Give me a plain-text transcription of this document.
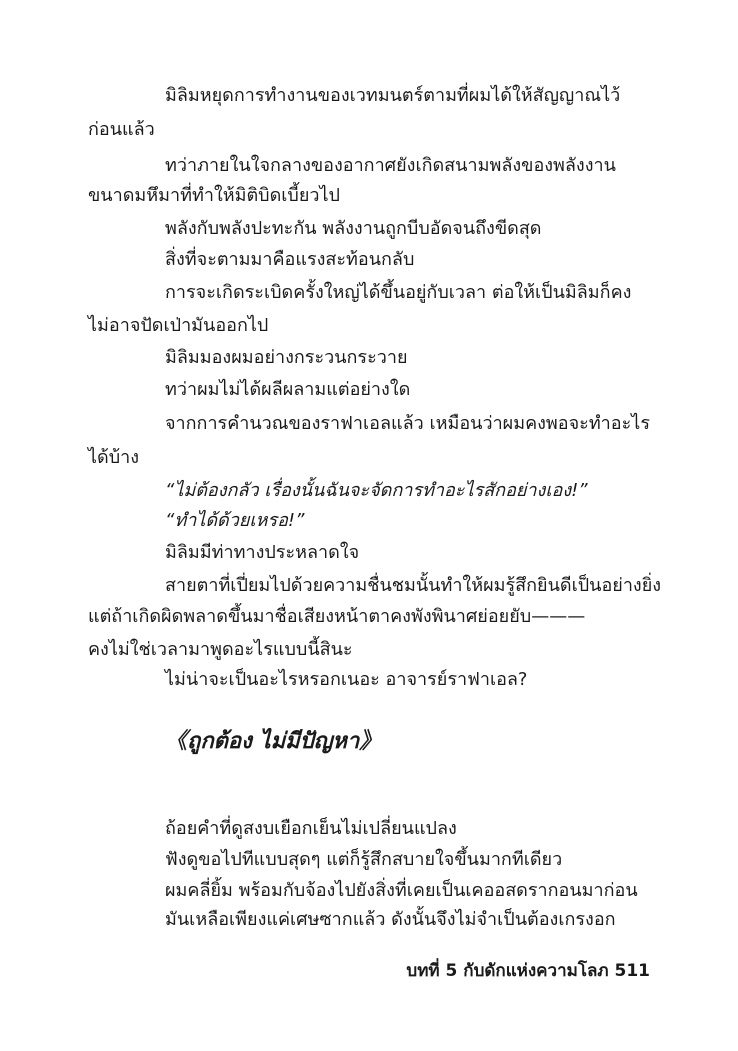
มิลิมหยุดการทำงานของเวทมนตร์ตามที่ผมได้ให้สัญญาณไว้
ก่อนแล้ว
ทว่าภายในใจกลางของอากาศยังเกิดสนามพลังของพลังงาน
ขนาดมหึมาที่ทำให้มิติบิดเบี้ยวไป
พลังกับพลังปะทะกัน พลังงานถูกบีบอัดจนถึงขีดสุด
สิ่งที่จะตามมาคือแรงสะท้อนกลับ
การจะเกิดระเบิดครั้งใหญ่ได้ขึ้นอยู่กับเวลา ต่อให้เป็นมิลิมก็คง
ไม่อาจปัดเป่ามันออกไป
มิลิมมองผมอย่างกระวนกระวาย
ทว่าผมไม่ได้ผลีผลามแต่อย่างใด
จากการคำนวณของราฟาเอลแล้ว เหมือนว่าผมคงพอจะทำอะไร
ได้บ้าง
“ไม่ต้องกลัว เรื่องนั้นฉันจะจัดการทำอะไรสักอย่างเอง!”
“ทำได้ด้วยเหรอ!”
มิลิมมีท่าทางประหลาดใจ
สายตาที่เปี่ยมไปด้วยความชื่นชมนั้นทำให้ผมรู้สึกยินดีเป็นอย่างยิ่ง
แต่ถ้าเกิดผิดพลาดขึ้นมาชื่อเสียงหน้าตาคงพังพินาศย่อยยับ———
คงไม่ใช่เวลามาพูดอะไรแบบนี้สินะ
ไม่น่าจะเป็นอะไรหรอกเนอะ อาจารย์ราฟาเอล?
《ถูกต้อง ไม่มีปัญหา》
ถ้อยคำที่ดูสงบเยือกเย็นไม่เปลี่ยนแปลง
ฟังดูขอไปทีแบบสุดๆ แต่ก็รู้สึกสบายใจขึ้นมากทีเดียว
ผมคลี่ยิ้ม พร้อมกับจ้องไปยังสิ่งที่เคยเป็นเคออสดรากอนมาก่อน
มันเหลือเพียงแค่เศษซากแล้ว ดังนั้นจึงไม่จำเป็นต้องเกรงอก
บทที่ 5 กับดักแห่งความโลภ 511
